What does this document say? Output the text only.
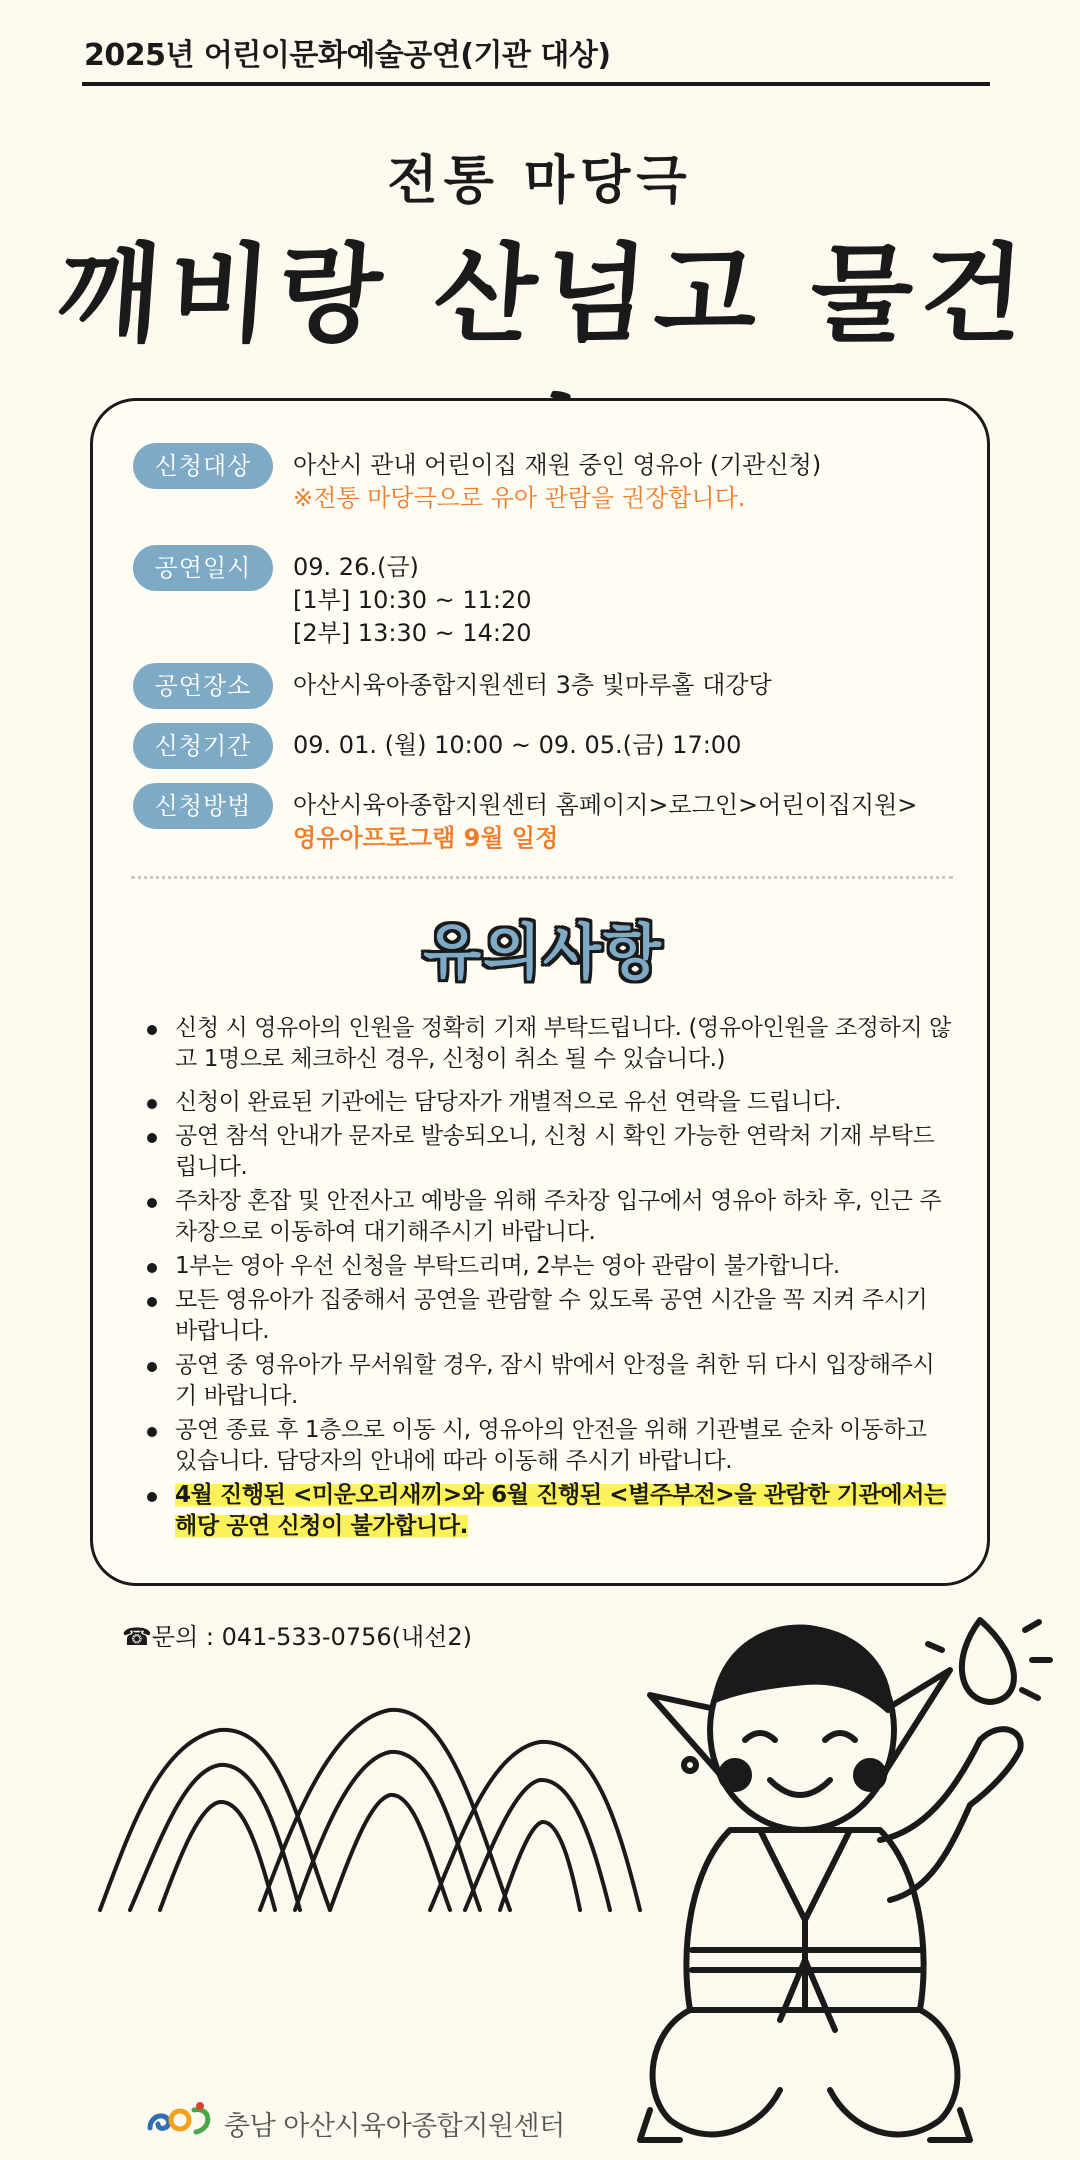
2025년 어린이문화예술공연(기관 대상)
전통 마당극
깨비랑 산넘고 물건너
신청대상	아산시 관내 어린이집 재원 중인 영유아 (기관신청)
※전통 마당극으로 유아 관람을 권장합니다.
공연일시	09. 26.(금)
[1부] 10:30 ~ 11:20
[2부] 13:30 ~ 14:20
공연장소	아산시육아종합지원센터 3층 빛마루홀 대강당
신청기간	09. 01. (월) 10:00 ~ 09. 05.(금) 17:00
신청방법	아산시육아종합지원센터 홈페이지>로그인>어린이집지원>
영유아프로그램 9월 일정
유의사항
신청 시 영유아의 인원을 정확히 기재 부탁드립니다. (영유아인원을 조정하지 않고 1명으로 체크하신 경우, 신청이 취소 될 수 있습니다.)
신청이 완료된 기관에는 담당자가 개별적으로 유선 연락을 드립니다.
공연 참석 안내가 문자로 발송되오니, 신청 시 확인 가능한 연락처 기재 부탁드립니다.
주차장 혼잡 및 안전사고 예방을 위해 주차장 입구에서 영유아 하차 후, 인근 주차장으로 이동하여 대기해주시기 바랍니다.
1부는 영아 우선 신청을 부탁드리며, 2부는 영아 관람이 불가합니다.
모든 영유아가 집중해서 공연을 관람할 수 있도록 공연 시간을 꼭 지켜 주시기 바랍니다.
공연 중 영유아가 무서워할 경우, 잠시 밖에서 안정을 취한 뒤 다시 입장해주시기 바랍니다.
공연 종료 후 1층으로 이동 시, 영유아의 안전을 위해 기관별로 순차 이동하고 있습니다. 담당자의 안내에 따라 이동해 주시기 바랍니다.
4월 진행된 <미운오리새끼>와 6월 진행된 <별주부전>을 관람한 기관에서는 해당 공연 신청이 불가합니다.
☎문의 : 041-533-0756(내선2)
충남 아산시육아종합지원센터
